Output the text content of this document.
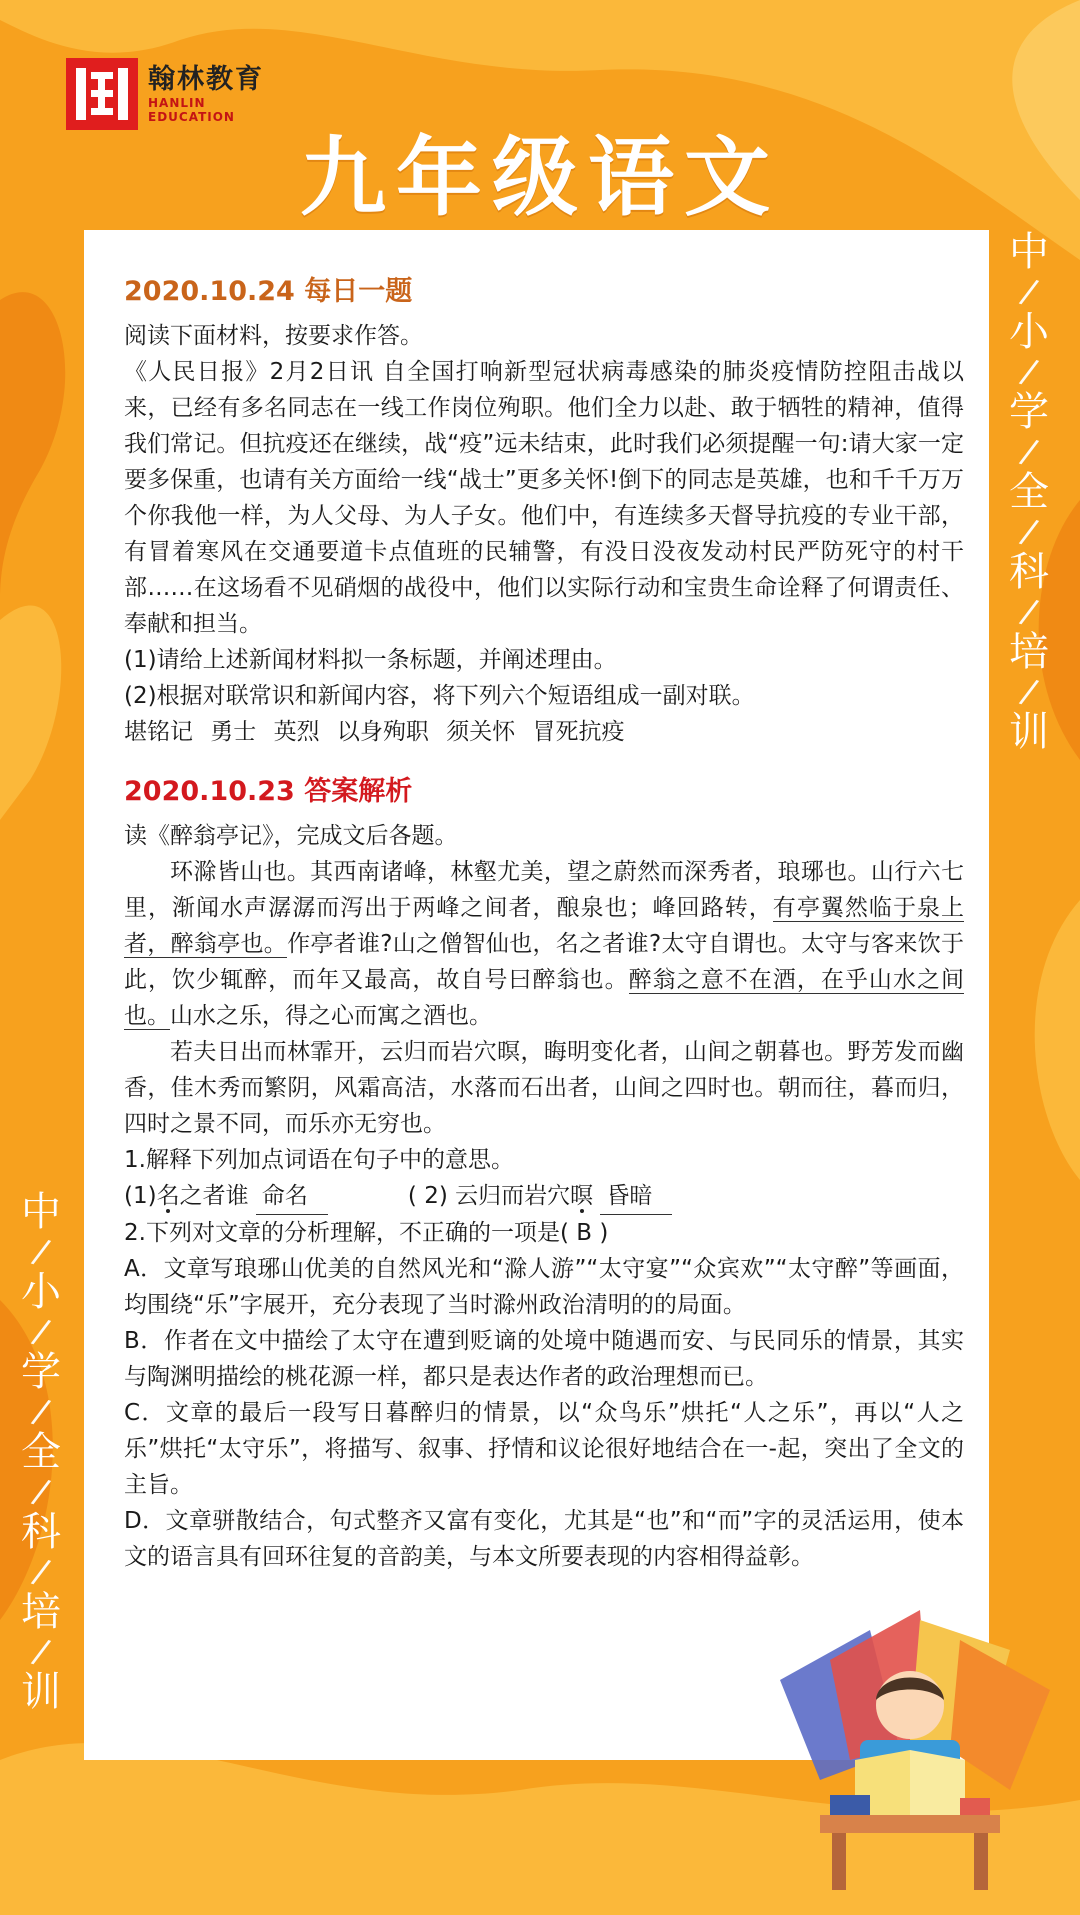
翰林教育
HANLIN
EDUCATION
九年级语文
中
/
小
/
学
/
全
/
科
/
培
/
训
中
/
小
/
学
/
全
/
科
/
培
/
训
2020.10.24 每日一题

阅读下面材料，按要求作答。

《人民日报》2月2日讯 自全国打响新型冠状病毒感染的肺炎疫情防控阻击战以来，已经有多名同志在一线工作岗位殉职。他们全力以赴、敢于牺牲的精神，值得我们常记。但抗疫还在继续，战“疫”远未结束，此时我们必须提醒一句:请大家一定要多保重，也请有关方面给一线“战士”更多关怀!倒下的同志是英雄，也和千千万万个你我他一样，为人父母、为人子女。他们中，有连续多天督导抗疫的专业干部，有冒着寒风在交通要道卡点值班的民辅警，有没日没夜发动村民严防死守的村干部……在这场看不见硝烟的战役中，他们以实际行动和宝贵生命诠释了何谓责任、奉献和担当。

(1)请给上述新闻材料拟一条标题，并阐述理由。

(2)根据对联常识和新闻内容，将下列六个短语组成一副对联。

堪铭记 勇士 英烈 以身殉职 须关怀 冒死抗疫

2020.10.23 答案解析

读《醉翁亭记》，完成文后各题。

环滁皆山也。其西南诸峰，林壑尤美，望之蔚然而深秀者，琅琊也。山行六七里，渐闻水声潺潺而泻出于两峰之间者，酿泉也；峰回路转，有亭翼然临于泉上者，醉翁亭也。作亭者谁?山之僧智仙也，名之者谁?太守自谓也。太守与客来饮于此，饮少辄醉，而年又最高，故自号曰醉翁也。醉翁之意不在酒，在乎山水之间也。山水之乐，得之心而寓之酒也。

若夫日出而林霏开，云归而岩穴暝，晦明变化者，山间之朝暮也。野芳发而幽香，佳木秀而繁阴，风霜高洁，水落而石出者，山间之四时也。朝而往，暮而归，四时之景不同，而乐亦无穷也。

1.解释下列加点词语在句子中的意思。

(1)名之者谁 命名	( 2) 云归而岩穴暝 昏暗

2.下列对文章的分析理解，不正确的一项是( B )

A．文章写琅琊山优美的自然风光和“滁人游”“太守宴”“众宾欢”“太守醉”等画面，均围绕“乐”字展开，充分表现了当时滁州政治清明的的局面。

B．作者在文中描绘了太守在遭到贬谪的处境中随遇而安、与民同乐的情景，其实与陶渊明描绘的桃花源一样，都只是表达作者的政治理想而已。

C．文章的最后一段写日暮醉归的情景，以“众鸟乐”烘托“人之乐”，再以“人之乐”烘托“太守乐”，将描写、叙事、抒情和议论很好地结合在一-起，突出了全文的主旨。

D．文章骈散结合，句式整齐又富有变化，尤其是“也”和“而”字的灵活运用，使本文的语言具有回环往复的音韵美，与本文所要表现的内容相得益彰。
